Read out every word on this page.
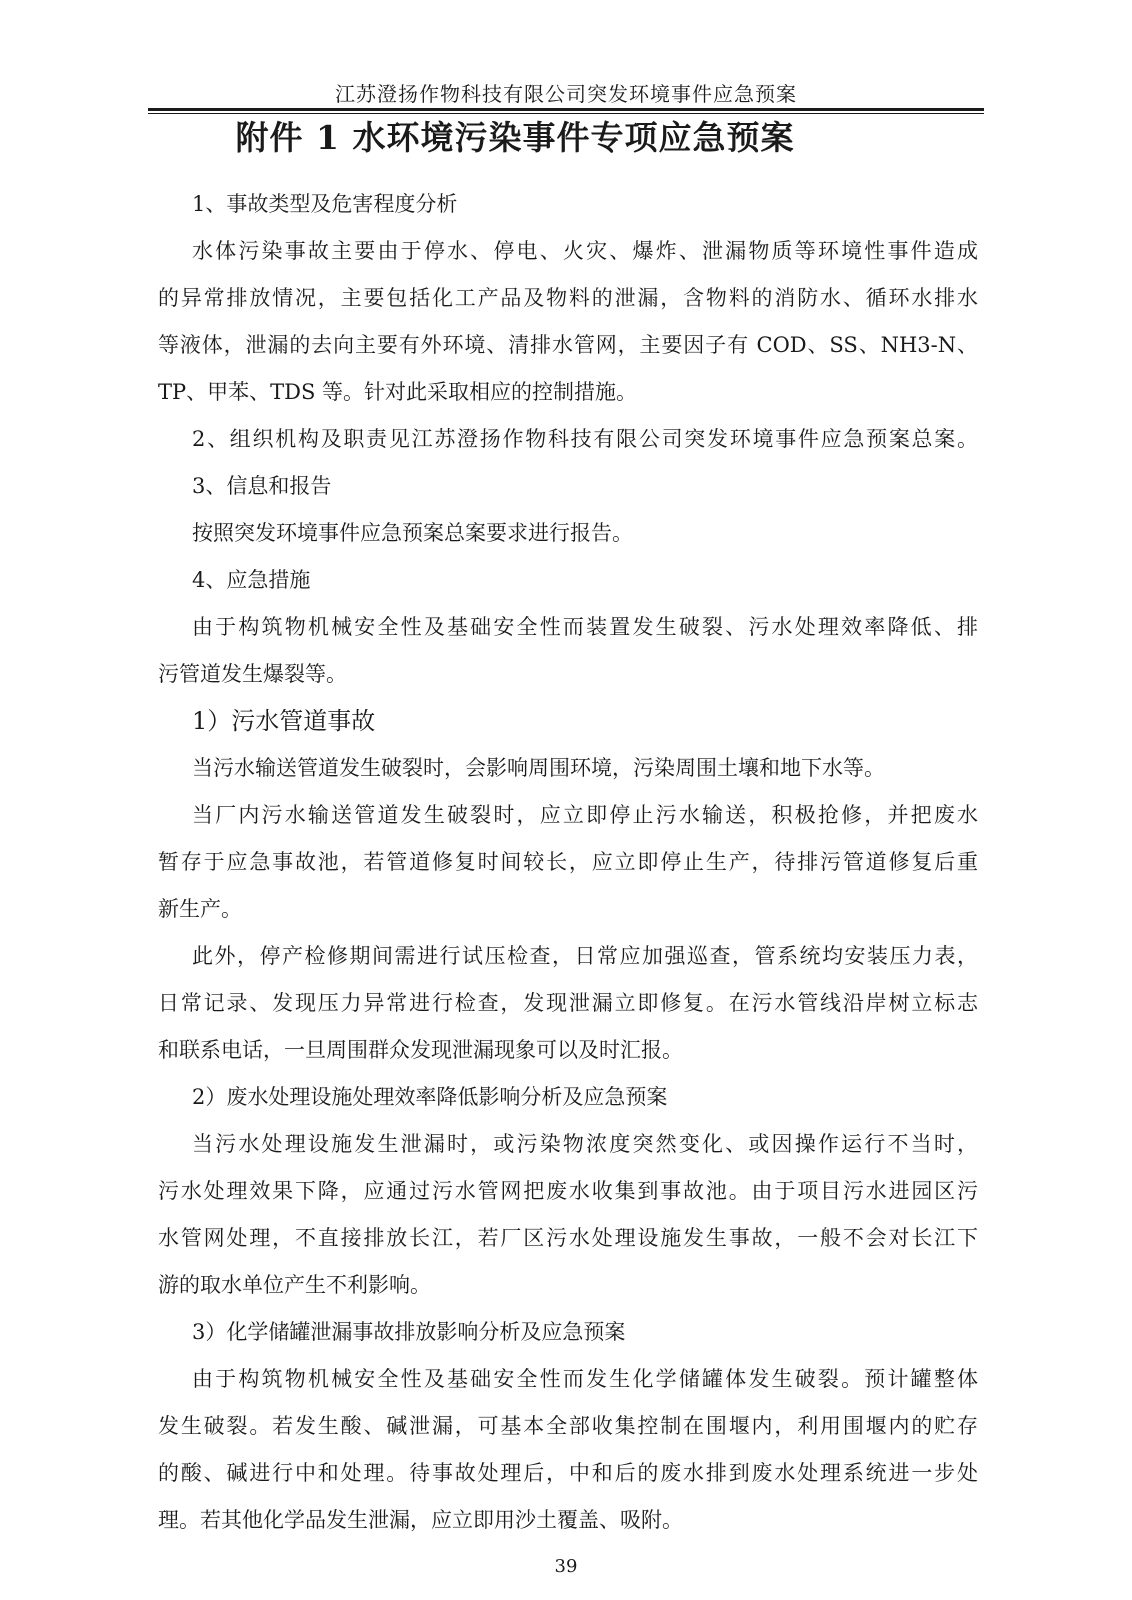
江苏澄扬作物科技有限公司突发环境事件应急预案
附件 1 水环境污染事件专项应急预案
1、事故类型及危害程度分析
水体污染事故主要由于停水、停电、火灾、爆炸、泄漏物质等环境性事件造成
的异常排放情况，主要包括化工产品及物料的泄漏，含物料的消防水、循环水排水
等液体，泄漏的去向主要有外环境、清排水管网，主要因子有 COD、SS、NH3-N、
TP、甲苯、TDS 等。针对此采取相应的控制措施。
2、组织机构及职责见江苏澄扬作物科技有限公司突发环境事件应急预案总案。
3、信息和报告
按照突发环境事件应急预案总案要求进行报告。
4、应急措施
由于构筑物机械安全性及基础安全性而装置发生破裂、污水处理效率降低、排
污管道发生爆裂等。
1）污水管道事故
当污水输送管道发生破裂时，会影响周围环境，污染周围土壤和地下水等。
当厂内污水输送管道发生破裂时，应立即停止污水输送，积极抢修，并把废水
暂存于应急事故池，若管道修复时间较长，应立即停止生产，待排污管道修复后重
新生产。
此外，停产检修期间需进行试压检查，日常应加强巡查，管系统均安装压力表，
日常记录、发现压力异常进行检查，发现泄漏立即修复。在污水管线沿岸树立标志
和联系电话，一旦周围群众发现泄漏现象可以及时汇报。
2）废水处理设施处理效率降低影响分析及应急预案
当污水处理设施发生泄漏时，或污染物浓度突然变化、或因操作运行不当时，
污水处理效果下降，应通过污水管网把废水收集到事故池。由于项目污水进园区污
水管网处理，不直接排放长江，若厂区污水处理设施发生事故，一般不会对长江下
游的取水单位产生不利影响。
3）化学储罐泄漏事故排放影响分析及应急预案
由于构筑物机械安全性及基础安全性而发生化学储罐体发生破裂。预计罐整体
发生破裂。若发生酸、碱泄漏，可基本全部收集控制在围堰内，利用围堰内的贮存
的酸、碱进行中和处理。待事故处理后，中和后的废水排到废水处理系统进一步处
理。若其他化学品发生泄漏，应立即用沙土覆盖、吸附。
39
